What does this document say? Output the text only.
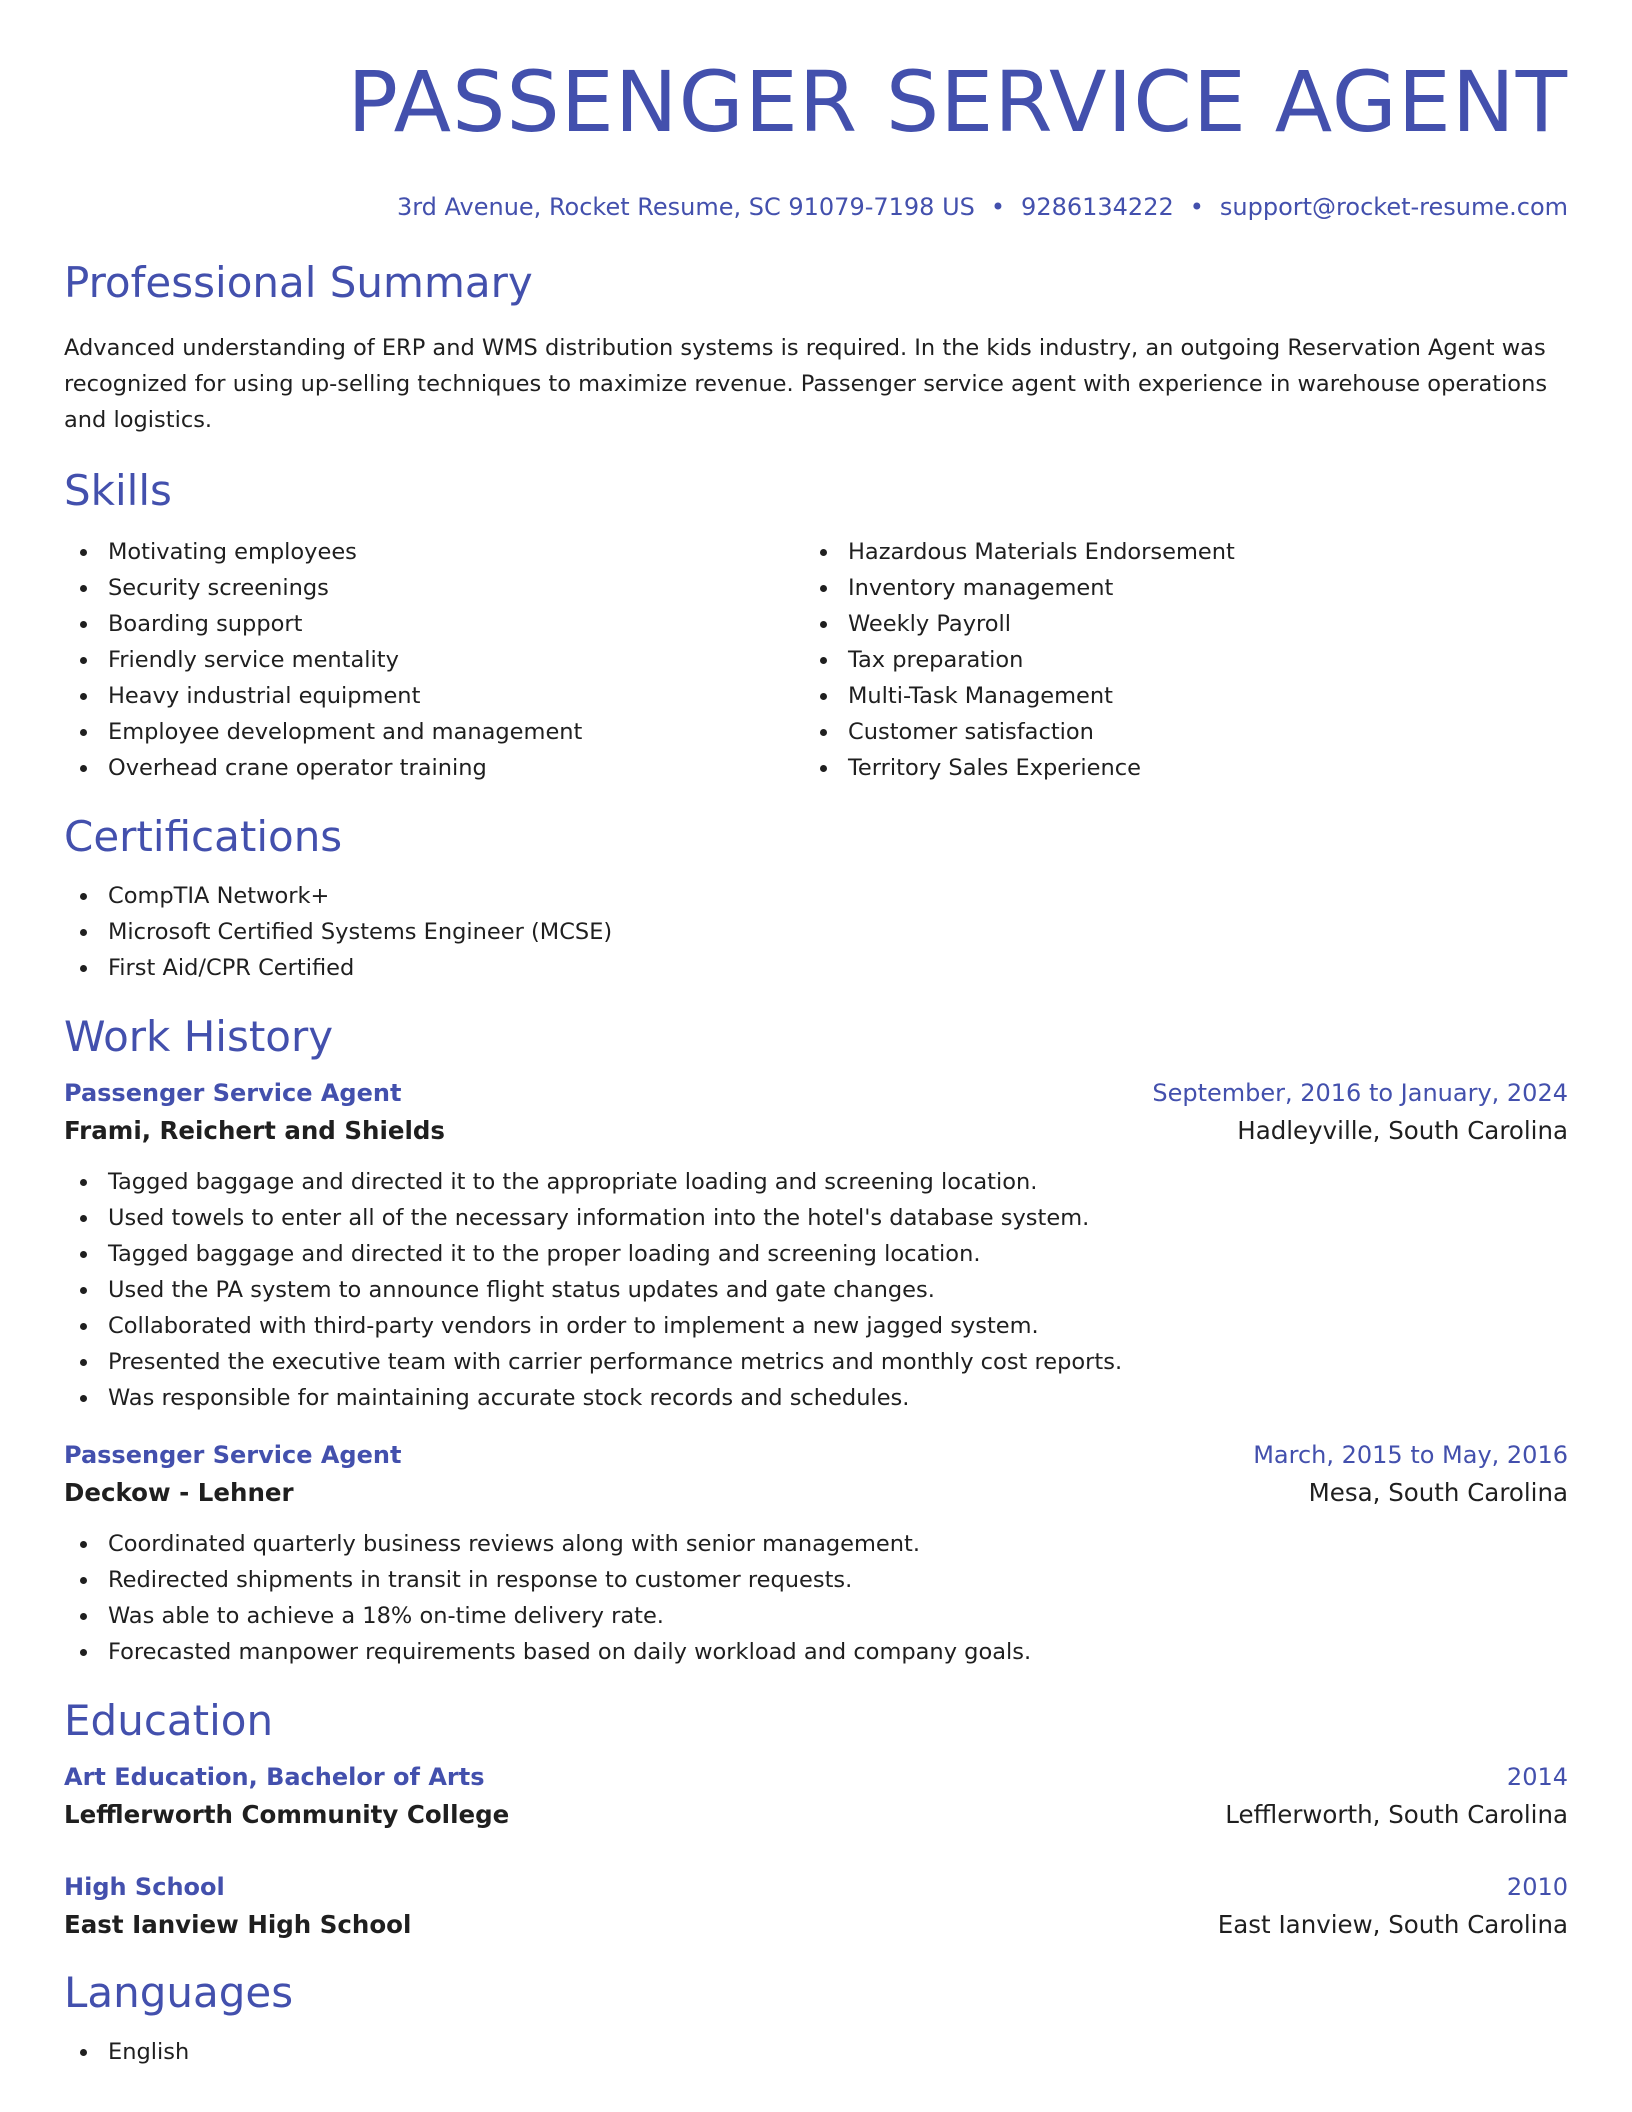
PASSENGER SERVICE AGENT
3rd Avenue, Rocket Resume, SC 91079-7198 US • 9286134222 • support@rocket-resume.com
Professional Summary

Advanced understanding of ERP and WMS distribution systems is required. In the kids industry, an outgoing Reservation Agent was recognized for using up-selling techniques to maximize revenue. Passenger service agent with experience in warehouse operations and logistics.

Skills
Motivating employees
Security screenings
Boarding support
Friendly service mentality
Heavy industrial equipment
Employee development and management
Overhead crane operator training
Hazardous Materials Endorsement
Inventory management
Weekly Payroll
Tax preparation
Multi-Task Management
Customer satisfaction
Territory Sales Experience
Certifications
CompTIA Network+
Microsoft Certified Systems Engineer (MCSE)
First Aid/CPR Certified
Work History
Passenger Service Agent	September, 2016 to January, 2024
Frami, Reichert and Shields	Hadleyville, South Carolina
Tagged baggage and directed it to the appropriate loading and screening location.
Used towels to enter all of the necessary information into the hotel's database system.
Tagged baggage and directed it to the proper loading and screening location.
Used the PA system to announce flight status updates and gate changes.
Collaborated with third-party vendors in order to implement a new jagged system.
Presented the executive team with carrier performance metrics and monthly cost reports.
Was responsible for maintaining accurate stock records and schedules.
Passenger Service Agent	March, 2015 to May, 2016
Deckow - Lehner	Mesa, South Carolina
Coordinated quarterly business reviews along with senior management.
Redirected shipments in transit in response to customer requests.
Was able to achieve a 18% on-time delivery rate.
Forecasted manpower requirements based on daily workload and company goals.
Education
Art Education, Bachelor of Arts	2014
Lefflerworth Community College	Lefflerworth, South Carolina
High School	2010
East Ianview High School	East Ianview, South Carolina
Languages
English
